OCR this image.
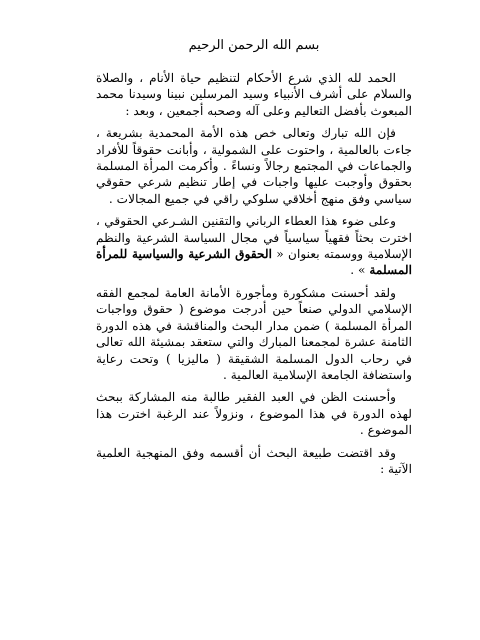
بسم الله الرحمن الرحيم

الحمد لله الذي شرع الأحكام لتنظيم حياة الأنام ، والصلاة والسلام على أشرف الأنبياء وسيد المرسلين نبينا وسيدنا محمد المبعوث بأفضل التعاليم وعلى آله وصحبه أجمعين ، وبعد :

فإن الله تبارك وتعالى خص هذه الأمة المحمدية بشريعة ، جاءت بالعالمية ، واحتوت على الشمولية ، وأبانت حقوقاً للأفراد والجماعات في المجتمع رجالاً ونساءً . وأكرمت المرأة المسلمة بحقوق وأوجبت عليها واجبات في إطار تنظيم شرعي حقوقي سياسي وفق منهج أخلاقي سلوكي راقي في جميع المجالات .

وعلى ضوء هذا العطاء الرباني والتقنين الشـرعي الحقوقي ، اخترت بحثاً فقهياً سياسياً في مجال السياسة الشرعية والنظم الإسلامية ووسمته بعنوان « الحقوق الشرعية والسياسية للمرأة المسلمة » .

ولقد أحسنت مشكورة ومأجورة الأمانة العامة لمجمع الفقه الإسلامي الدولي صنعاً حين أدرجت موضوع ( حقوق وواجبات المرأة المسلمة ) ضمن مدار البحث والمناقشة في هذه الدورة الثامنة عشرة لمجمعنا المبارك والتي ستعقد بمشيئة الله تعالى في رحاب الدول المسلمة الشقيقة ( ماليزيا ) وتحت رعاية واستضافة الجامعة الإسلامية العالمية .

وأحسنت الظن في العبد الفقير طالبة منه المشاركة ببحث لهذه الدورة في هذا الموضوع ، ونزولاً عند الرغبة اخترت هذا الموضوع .

وقد اقتضت طبيعة البحث أن أقسمه وفق المنهجية العلمية الآتية :
